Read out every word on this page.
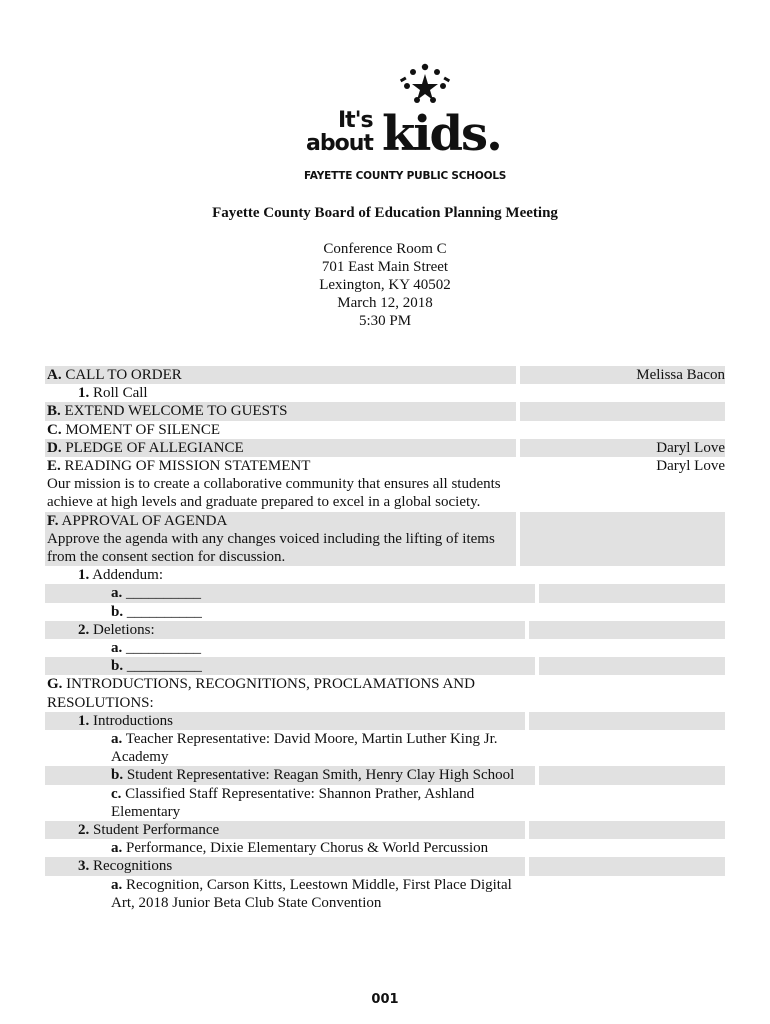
It's
about kids.
FAYETTE COUNTY PUBLIC SCHOOLS
Fayette County Board of Education Planning Meeting
Conference Room C
701 East Main Street
Lexington, KY 40502
March 12, 2018
5:30 PM
A. CALL TO ORDER	Melissa Bacon
1. Roll Call
B. EXTEND WELCOME TO GUESTS
C. MOMENT OF SILENCE
D. PLEDGE OF ALLEGIANCE	Daryl Love
E. READING OF MISSION STATEMENT	Daryl Love
Our mission is to create a collaborative community that ensures all students achieve at high levels and graduate prepared to excel in a global society.
F. APPROVAL OF AGENDA
Approve the agenda with any changes voiced including the lifting of items from the consent section for discussion.
1. Addendum:
a. __________
b. __________
2. Deletions:
a. __________
b. __________
G. INTRODUCTIONS, RECOGNITIONS, PROCLAMATIONS AND RESOLUTIONS:
1. Introductions
a. Teacher Representative: David Moore, Martin Luther King Jr. Academy
b. Student Representative: Reagan Smith, Henry Clay High School
c. Classified Staff Representative: Shannon Prather, Ashland Elementary
2. Student Performance
a. Performance, Dixie Elementary Chorus & World Percussion
3. Recognitions
a. Recognition, Carson Kitts, Leestown Middle, First Place Digital Art, 2018 Junior Beta Club State Convention
001
